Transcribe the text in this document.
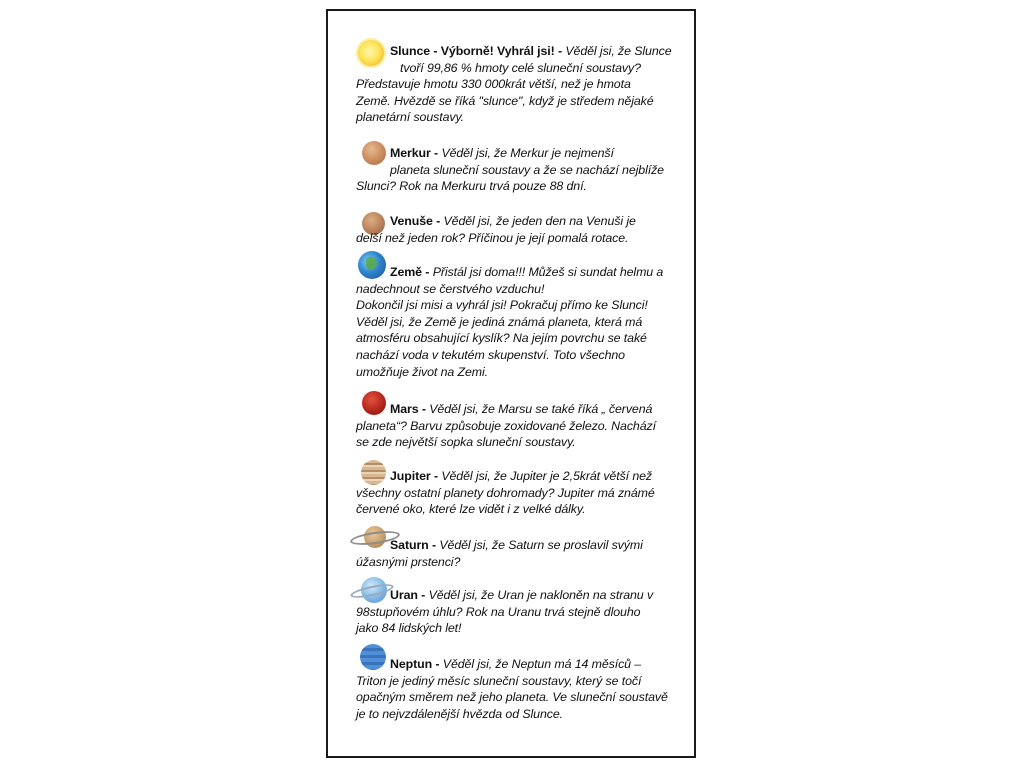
Slunce - Výborně! Vyhrál jsi! - Věděl jsi, že Slunce
tvoří 99,86 % hmoty celé sluneční soustavy?
Představuje hmotu 330 000krát větší, než je hmota
Země. Hvězdě se říká "slunce", když je středem nějaké
planetární soustavy.
Merkur - Věděl jsi, že Merkur je nejmenší
planeta sluneční soustavy a že se nachází nejblíže
Slunci? Rok na Merkuru trvá pouze 88 dní.
Venuše - Věděl jsi, že jeden den na Venuši je
delší než jeden rok? Příčinou je její pomalá rotace.
Země - Přistál jsi doma!!! Můžeš si sundat helmu a
nadechnout se čerstvého vzduchu!
Dokončil jsi misi a vyhrál jsi! Pokračuj přímo ke Slunci!
Věděl jsi, že Země je jediná známá planeta, která má
atmosféru obsahující kyslík? Na jejím povrchu se také
nachází voda v tekutém skupenství. Toto všechno
umožňuje život na Zemi.
Mars - Věděl jsi, že Marsu se také říká „ červená
planeta“? Barvu způsobuje zoxidované železo. Nachází
se zde největší sopka sluneční soustavy.
Jupiter - Věděl jsi, že Jupiter je 2,5krát větší než
všechny ostatní planety dohromady? Jupiter má známé
červené oko, které lze vidět i z velké dálky.
Saturn - Věděl jsi, že Saturn se proslavil svými
úžasnými prstenci?
Uran - Věděl jsi, že Uran je nakloněn na stranu v
98stupňovém úhlu? Rok na Uranu trvá stejně dlouho
jako 84 lidských let!
Neptun - Věděl jsi, že Neptun má 14 měsíců –
Triton je jediný měsíc sluneční soustavy, který se točí
opačným směrem než jeho planeta. Ve sluneční soustavě
je to nejvzdálenější hvězda od Slunce.
